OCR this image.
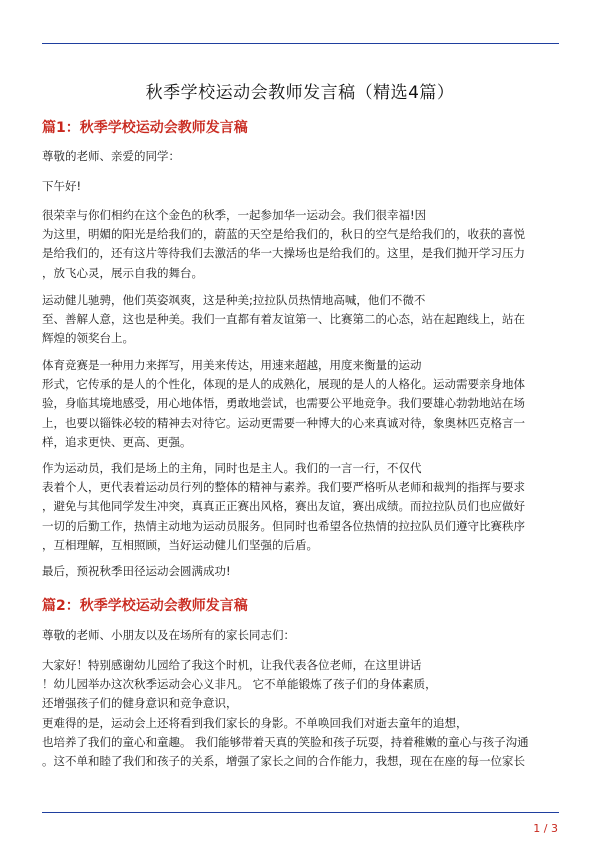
秋季学校运动会教师发言稿（精选4篇）
篇1：秋季学校运动会教师发言稿
尊敬的老师、亲爱的同学：
下午好!
很荣幸与你们相约在这个金色的秋季，一起参加华一运动会。我们很幸福!因
为这里，明媚的阳光是给我们的，蔚蓝的天空是给我们的，秋日的空气是给我们的，收获的喜悦
是给我们的，还有这片等待我们去激活的华一大操场也是给我们的。这里，是我们抛开学习压力
，放飞心灵，展示自我的舞台。
运动健儿驰骋，他们英姿飒爽，这是种美;拉拉队员热情地高喊，他们不微不
至、善解人意，这也是种美。我们一直都有着友谊第一、比赛第二的心态，站在起跑线上，站在
辉煌的领奖台上。
体育竞赛是一种用力来挥写，用美来传达，用速来超越，用度来衡量的运动
形式，它传承的是人的个性化，体现的是人的成熟化，展现的是人的人格化。运动需要亲身地体
验，身临其境地感受，用心地体悟，勇敢地尝试，也需要公平地竞争。我们要雄心勃勃地站在场
上，也要以锱铢必较的精神去对待它。运动更需要一种博大的心来真诚对待，象奥林匹克格言一
样，追求更快、更高、更强。
作为运动员，我们是场上的主角，同时也是主人。我们的一言一行，不仅代
表着个人，更代表着运动员行列的整体的精神与素养。我们要严格听从老师和裁判的指挥与要求
，避免与其他同学发生冲突，真真正正赛出风格，赛出友谊，赛出成绩。而拉拉队员们也应做好
一切的后勤工作，热情主动地为运动员服务。但同时也希望各位热情的拉拉队员们遵守比赛秩序
，互相理解，互相照顾，当好运动健儿们坚强的后盾。
最后，预祝秋季田径运动会圆满成功!
篇2：秋季学校运动会教师发言稿
尊敬的老师、小朋友以及在场所有的家长同志们：
大家好！特别感谢幼儿园给了我这个时机，让我代表各位老师，在这里讲话
！幼儿园举办这次秋季运动会心义非凡。 它不单能锻炼了孩子们的身体素质，
还增强孩子们的健身意识和竞争意识，
更难得的是，运动会上还将看到我们家长的身影。不单唤回我们对逝去童年的追想，
也培养了我们的童心和童趣。 我们能够带着天真的笑脸和孩子玩耍，持着稚嫩的童心与孩子沟通
。这不单和睦了我们和孩子的关系，增强了家长之间的合作能力，我想，现在在座的每一位家长
1 / 3
